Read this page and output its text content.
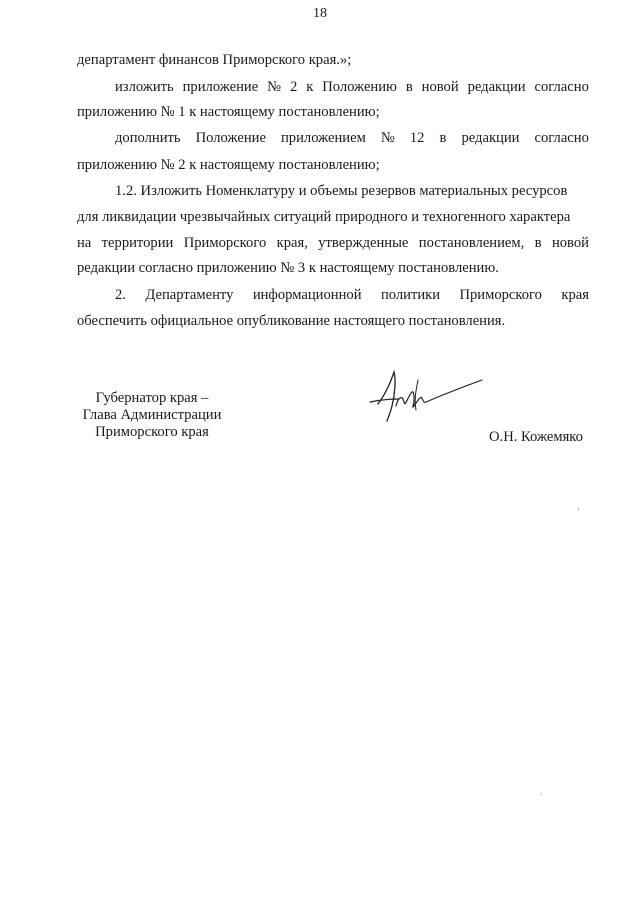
18
департамент финансов Приморского края.»;
изложить приложение № 2 к Положению в новой редакции согласно
приложению № 1 к настоящему постановлению;
дополнить Положение приложением № 12 в редакции согласно
приложению № 2 к настоящему постановлению;
1.2. Изложить Номенклатуру и объемы резервов материальных ресурсов
для ликвидации чрезвычайных ситуаций природного и техногенного характера
на территории Приморского края, утвержденные постановлением, в новой
редакции согласно приложению № 3 к настоящему постановлению.
2. Департаменту информационной политики Приморского края
обеспечить официальное опубликование настоящего постановления.
Губернатор края –
Глава Администрации
Приморского края	О.Н. Кожемяко
